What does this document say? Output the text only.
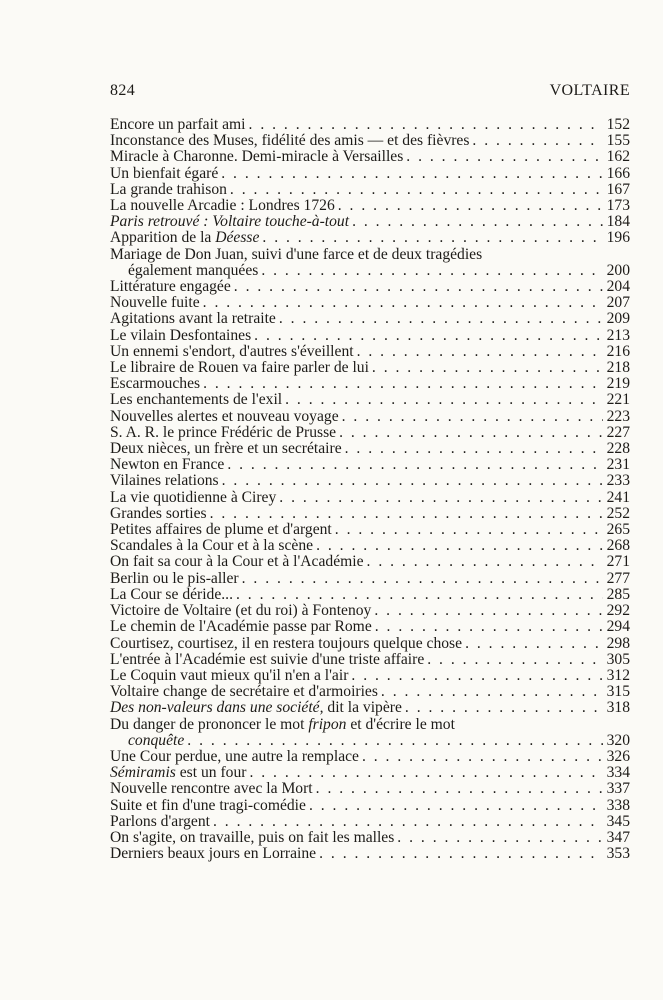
824	VOLTAIRE
Encore un parfait ami . . .	152
Inconstance des Muses, fidélité des amis — et des fièvres . . .	155
Miracle à Charonne. Demi-miracle à Versailles . . .	162
Un bienfait égaré . . .	166
La grande trahison . . .	167
La nouvelle Arcadie : Londres 1726 . . .	173
Paris retrouvé : Voltaire touche-à-tout . . .	184
Apparition de la Déesse . . .	196
Mariage de Don Juan, suivi d'une farce et de deux tragédies
également manquées . . .	200
Littérature engagée . . .	204
Nouvelle fuite . . .	207
Agitations avant la retraite . . .	209
Le vilain Desfontaines . . .	213
Un ennemi s'endort, d'autres s'éveillent . . .	216
Le libraire de Rouen va faire parler de lui . . .	218
Escarmouches . . .	219
Les enchantements de l'exil . . .	221
Nouvelles alertes et nouveau voyage . . .	223
S. A. R. le prince Frédéric de Prusse . . .	227
Deux nièces, un frère et un secrétaire . . .	228
Newton en France . . .	231
Vilaines relations . . .	233
La vie quotidienne à Cirey . . .	241
Grandes sorties . . .	252
Petites affaires de plume et d'argent . . .	265
Scandales à la Cour et à la scène . . .	268
On fait sa cour à la Cour et à l'Académie . . .	271
Berlin ou le pis-aller . . .	277
La Cour se déride... . . .	285
Victoire de Voltaire (et du roi) à Fontenoy . . .	292
Le chemin de l'Académie passe par Rome . . .	294
Courtisez, courtisez, il en restera toujours quelque chose . . .	298
L'entrée à l'Académie est suivie d'une triste affaire . . .	305
Le Coquin vaut mieux qu'il n'en a l'air . . .	312
Voltaire change de secrétaire et d'armoiries . . .	315
Des non-valeurs dans une société, dit la vipère . . .	318
Du danger de prononcer le mot fripon et d'écrire le mot
conquête . . .	320
Une Cour perdue, une autre la remplace . . .	326
Sémiramis est un four . . .	334
Nouvelle rencontre avec la Mort . . .	337
Suite et fin d'une tragi-comédie . . .	338
Parlons d'argent . . .	345
On s'agite, on travaille, puis on fait les malles . . .	347
Derniers beaux jours en Lorraine . . .	353
